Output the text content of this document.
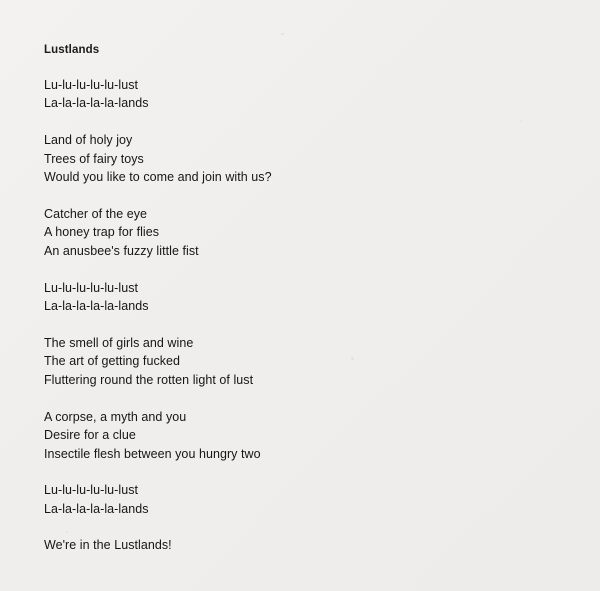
Lustlands
Lu-lu-lu-lu-lu-lust
La-la-la-la-la-lands
Land of holy joy
Trees of fairy toys
Would you like to come and join with us?
Catcher of the eye
A honey trap for flies
An anusbee's fuzzy little fist
Lu-lu-lu-lu-lu-lust
La-la-la-la-la-lands
The smell of girls and wine
The art of getting fucked
Fluttering round the rotten light of lust
A corpse, a myth and you
Desire for a clue
Insectile flesh between you hungry two
Lu-lu-lu-lu-lu-lust
La-la-la-la-la-lands
We're in the Lustlands!
